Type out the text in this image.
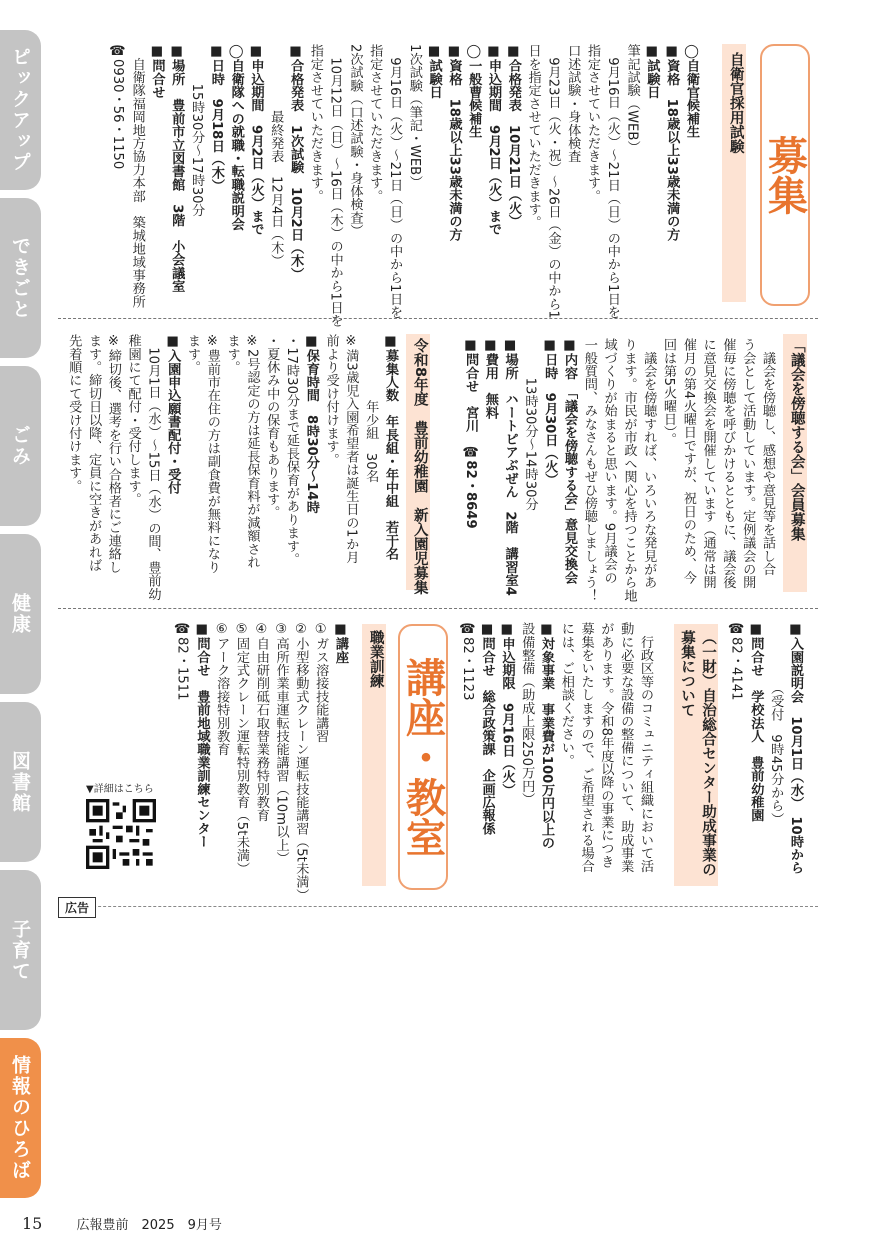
ピックアップ
できごと
ごみ
健康
図書館
子育て
情報のひろば
募集
自衛官採用試験
◯自衛官候補生
■資格　18歳以上33歳未満の方
■試験日
筆記試験（WEB）
　9月16日（火）〜21日（日）の中から1日を
指定させていただきます。
口述試験・身体検査
　9月23日（火・祝）〜26日（金）の中から1
日を指定させていただきます。
■合格発表　10月21日（火）
■申込期間　9月2日（火）まで
◯一般曹候補生
■資格　18歳以上33歳未満の方
■試験日
1次試験（筆記・WEB）
　9月16日（火）〜21日（日）の中から1日を
指定させていただきます。
2次試験（口述試験・身体検査）
　10月12日（日）〜16日（木）の中から1日を
指定させていただきます。
■合格発表　1次試験　10月2日（木）
　　　　　最終発表　12月4日（木）
■申込期間　9月2日（火）まで
◯自衛隊への就職・転職説明会
■日時　9月18日（木）
　　　15時30分〜17時30分
■場所　豊前市立図書館　3階　小会議室
■問合せ
　自衛隊福岡地方協力本部　築城地域事務所
☎0930・56・1150
「議会を傍聴する会」会員募集
　議会を傍聴し、感想や意見等を話し合
う会として活動しています。定例議会の開
催毎に傍聴を呼びかけるとともに、議会後
に意見交換会を開催しています（通常は開
催月の第4火曜日ですが、祝日のため、今
回は第5火曜日）。
　議会を傍聴すれば、いろいろな発見があ
ります。市民が市政へ関心を持つことから地
域づくりが始まると思います。9月議会の
一般質問、みなさんもぜひ傍聴しましょう！
■内容　「議会を傍聴する会」意見交換会
■日時　9月30日（火）
　　　13時30分〜14時30分
■場所　ハートピアぶぜん　2階　講習室4
■費用　無料
■問合せ　宮川　☎82・8649
令和8年度　豊前幼稚園　新入園児募集
■募集人数　年長組・年中組　若干名
　　　　　年少組　30名
※満3歳児入園希望者は誕生日の1か月
前より受け付けます。
■保育時間　8時30分〜14時
・17時30分まで延長保育があります。
・夏休み中の保育もあります。
※2号認定の方は延長保育料が減額され
ます。
※豊前市在住の方は副食費が無料になり
ます。
■入園申込願書配付・受付
　10月1日（水）〜15日（水）の間、豊前幼
稚園にて配付・受付します。
※締切後、選考を行い合格者にご連絡し
ます。締切日以降、定員に空きがあれば
先着順にて受け付けます。
■入園説明会　10月1日（水）　10時から
　　　　　（受付　9時45分から）
■問合せ　学校法人　豊前幼稚園
☎82・4141
（一財）自治総合センター助成事業の募集について
　行政区等のコミュニティ組織において活
動に必要な設備の整備について、助成事業
があります。令和8年度以降の事業につき
募集をいたしますので、ご希望される場合
には、ご相談ください。
■対象事業　事業費が100万円以上の
設備整備（助成上限250万円）
■申込期限　9月16日（火）
■問合せ　総合政策課　企画広報係
☎82・1123
講座・教室
職業訓練
■講座
①ガス溶接技能講習
②小型移動式クレーン運転技能講習（5t未満）
③高所作業車運転技能講習（10m以上）
④自由研削砥石取替業務特別教育
⑤固定式クレーン運転特別教育（5t未満）
⑥アーク溶接特別教育
■問合せ　豊前地域職業訓練センター
☎82・1511
▼詳細はこちら
広告
15	広報豊前　2025　9月号
